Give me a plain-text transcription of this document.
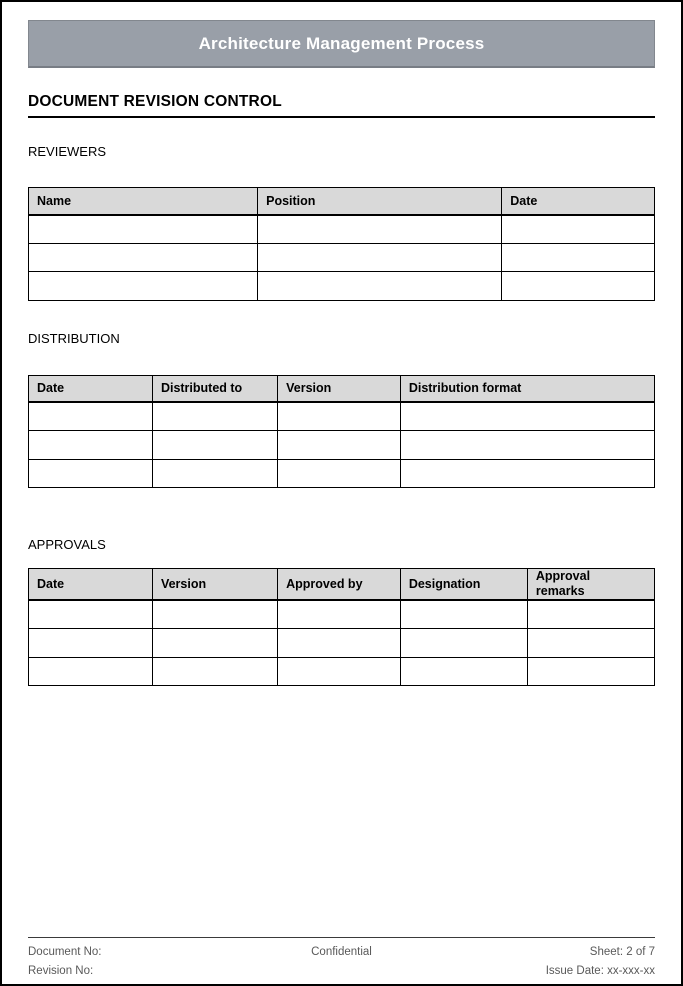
Architecture Management Process
DOCUMENT REVISION CONTROL
REVIEWERS
Name	Position	Date

DISTRIBUTION
Date	Distributed to	Version	Distribution format

APPROVALS
Date	Version	Approved by	Designation	Approval remarks

Document No:	Confidential	Sheet: 2 of 7
Revision No:	Issue Date: xx-xxx-xx
